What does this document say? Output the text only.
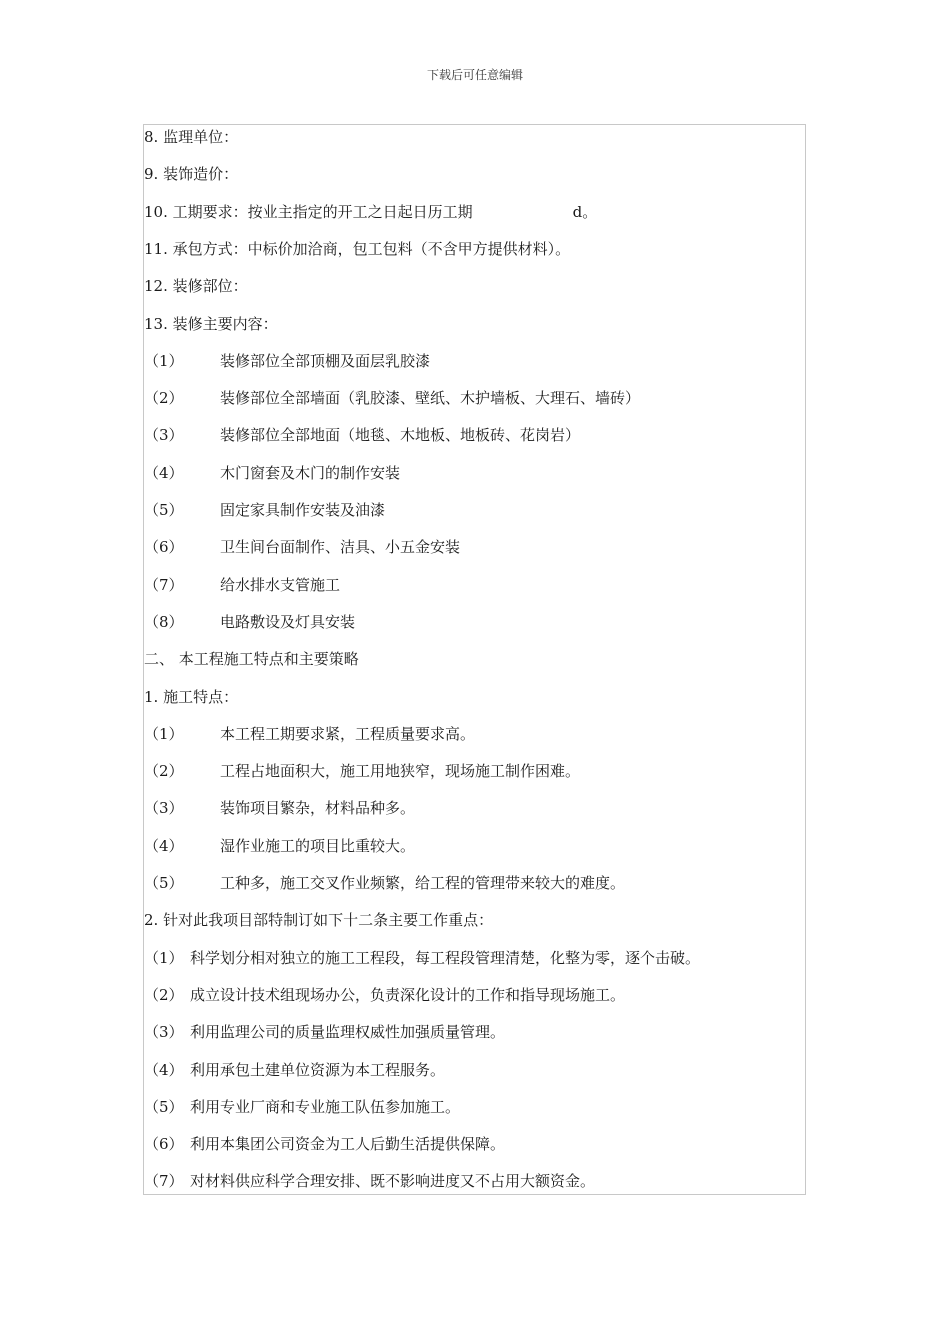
下载后可任意编辑
8. 监理单位：
9. 装饰造价：
10. 工期要求：按业主指定的开工之日起日历工期	d。
11. 承包方式：中标价加洽商，包工包料（不含甲方提供材料）。
12. 装修部位：
13. 装修主要内容：
（1） 装修部位全部顶棚及面层乳胶漆
（2） 装修部位全部墙面（乳胶漆、壁纸、木护墙板、大理石、墙砖）
（3） 装修部位全部地面（地毯、木地板、地板砖、花岗岩）
（4） 木门窗套及木门的制作安装
（5） 固定家具制作安装及油漆
（6） 卫生间台面制作、洁具、小五金安装
（7） 给水排水支管施工
（8） 电路敷设及灯具安装
二、 本工程施工特点和主要策略
1. 施工特点：
（1） 本工程工期要求紧，工程质量要求高。
（2） 工程占地面积大，施工用地狭窄，现场施工制作困难。
（3） 装饰项目繁杂，材料品种多。
（4） 湿作业施工的项目比重较大。
（5） 工种多，施工交叉作业频繁，给工程的管理带来较大的难度。
2. 针对此我项目部特制订如下十二条主要工作重点：
（1） 科学划分相对独立的施工工程段，每工程段管理清楚，化整为零，逐个击破。
（2） 成立设计技术组现场办公，负责深化设计的工作和指导现场施工。
（3） 利用监理公司的质量监理权威性加强质量管理。
（4） 利用承包土建单位资源为本工程服务。
（5） 利用专业厂商和专业施工队伍参加施工。
（6） 利用本集团公司资金为工人后勤生活提供保障。
（7） 对材料供应科学合理安排、既不影响进度又不占用大额资金。
